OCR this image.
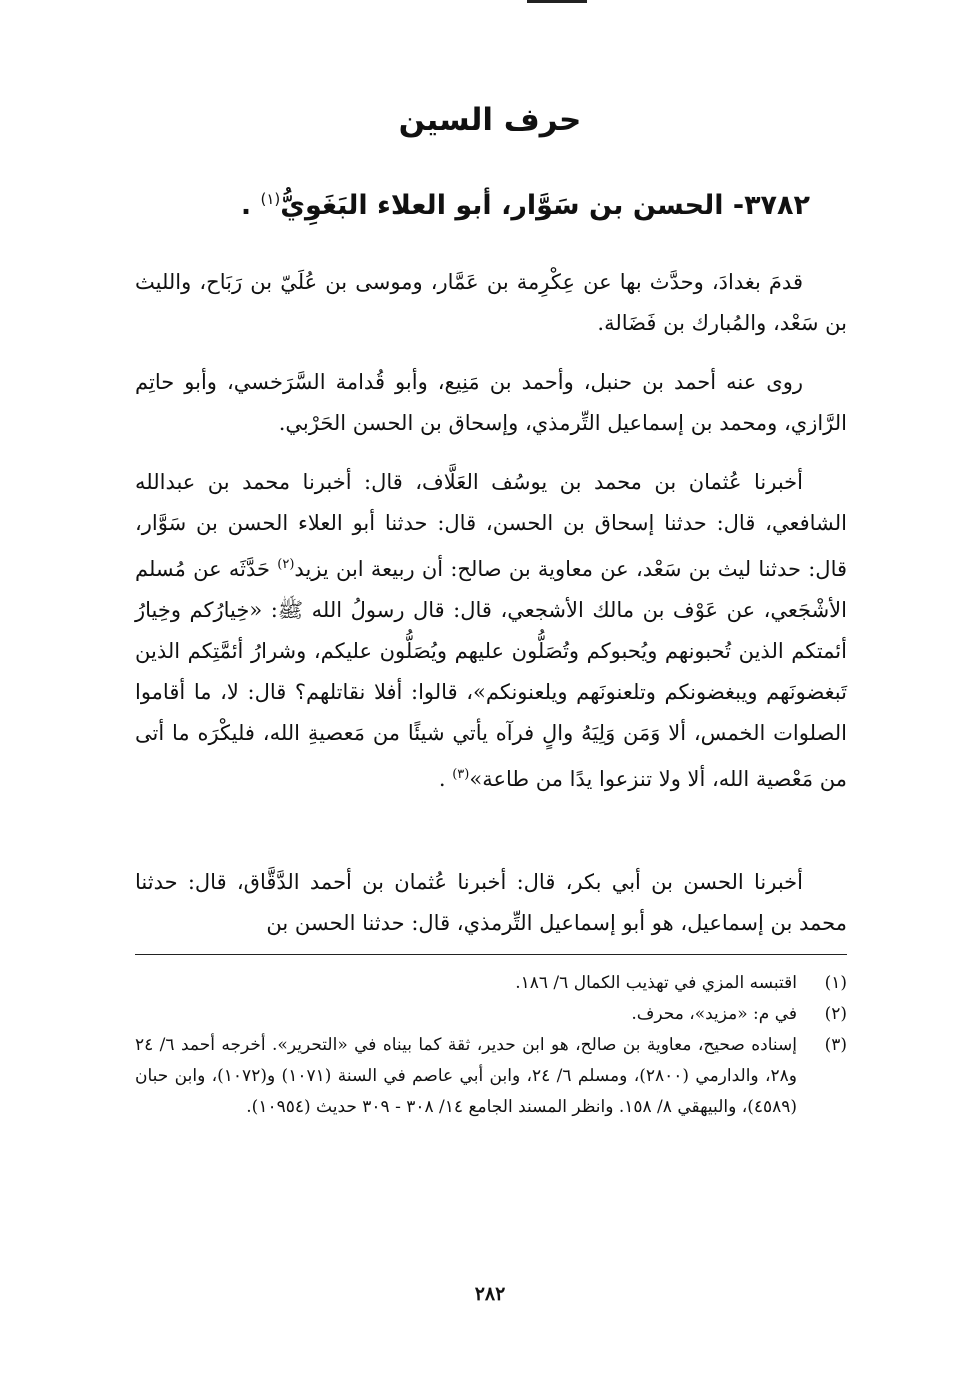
حرف السين
٣٧٨٢- الحسن بن سَوَّار، أبو العلاء البَغَوِيُّ$^{(١)}$ .

قدمَ بغدادَ، وحدَّث بها عن عِكْرِمة بن عَمَّار، وموسى بن عُلَيّ بن رَبَاح، والليث بن سَعْد، والمُبارك بن فَضَالة.

روى عنه أحمد بن حنبل، وأحمد بن مَنِيع، وأبو قُدامة السَّرَخسي، وأبو حاتِم الرَّازي، ومحمد بن إسماعيل التِّرمذي، وإسحاق بن الحسن الحَرْبي.

أخبرنا عُثمان بن محمد بن يوسُف العَلَّاف، قال: أخبرنا محمد بن عبدالله الشافعي، قال: حدثنا إسحاق بن الحسن، قال: حدثنا أبو العلاء الحسن بن سَوَّار، قال: حدثنا ليث بن سَعْد، عن معاوية بن صالح: أن ربيعة ابن يزيد$^{(٢)}$ حَدَّثَه عن مُسلم الأشْجَعي، عن عَوْف بن مالك الأشجعي، قال: قال رسولُ الله ﷺ: «خِيارُكم وخِيارُ أئمتكم الذين تُحبونهم ويُحبوكم وتُصَلُّون عليهم ويُصَلُّون عليكم، وشرارُ أئمَّتِكم الذين تَبغضونَهم ويبغضونكم وتلعنونَهم ويلعنونكم»، قالوا: أفلا نقاتلهم؟ قال: لا، ما أقاموا الصلوات الخمس، ألا وَمَن وَلِيَهُ والٍ فرآه يأتي شيئًا من مَعصيةِ الله، فليكْرَه ما أتى من مَعْصية الله، ألا ولا تنزعوا يدًا من طاعة»$^{(٣)}$ .

أخبرنا الحسن بن أبي بكر، قال: أخبرنا عُثمان بن أحمد الدَّقَّاق، قال: حدثنا محمد بن إسماعيل، هو أبو إسماعيل التِّرمذي، قال: حدثنا الحسن بن

(١)
اقتبسه المزي في تهذيب الكمال ٦/ ١٨٦.
(٢)
في م: «مزيد»، محرف.
(٣)
إسناده صحيح، معاوية بن صالح، هو ابن حدير، ثقة كما بيناه في «التحرير». أخرجه أحمد ٦/ ٢٤ و٢٨، والدارمي (٢٨٠٠)، ومسلم ٦/ ٢٤، وابن أبي عاصم في السنة (١٠٧١) و(١٠٧٢)، وابن حبان (٤٥٨٩)، والبيهقي ٨/ ١٥٨. وانظر المسند الجامع ١٤/ ٣٠٨ - ٣٠٩ حديث (١٠٩٥٤).
٢٨٢
